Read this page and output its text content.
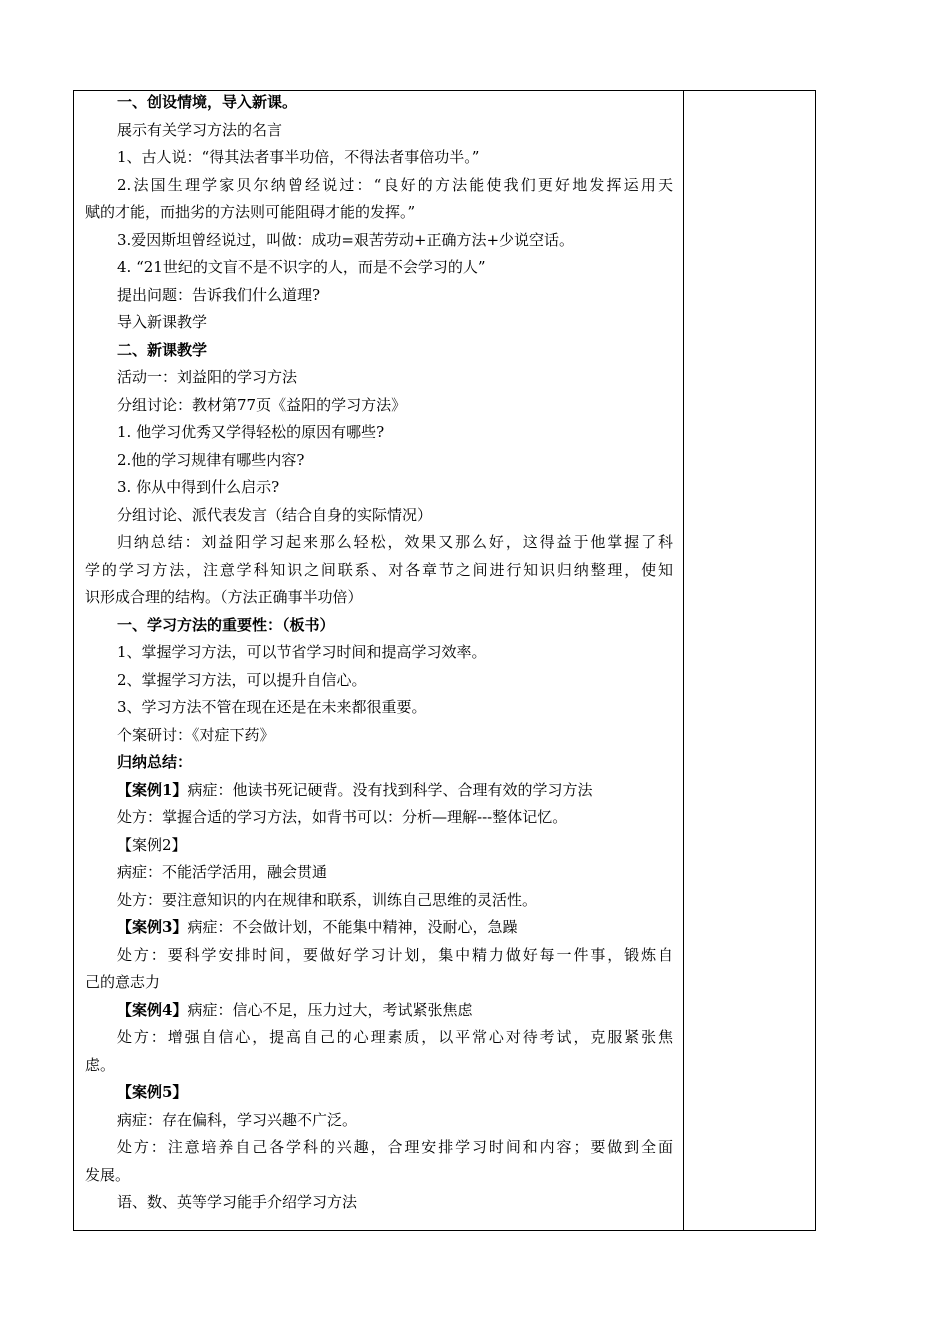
一、创设情境，导入新课。
展示有关学习方法的名言
1、古人说：“得其法者事半功倍，不得法者事倍功半。”
2.法国生理学家贝尔纳曾经说过：“良好的方法能使我们更好地发挥运用天
赋的才能，而拙劣的方法则可能阻碍才能的发挥。”
3.爱因斯坦曾经说过，叫做：成功=艰苦劳动+正确方法+少说空话。
4. “21世纪的文盲不是不识字的人，而是不会学习的人”
提出问题：告诉我们什么道理?
导入新课教学
二、新课教学
活动一：刘益阳的学习方法
分组讨论：教材第77页《益阳的学习方法》
1. 他学习优秀又学得轻松的原因有哪些?
2.他的学习规律有哪些内容?
3. 你从中得到什么启示?
分组讨论、派代表发言（结合自身的实际情况）
归纳总结：刘益阳学习起来那么轻松，效果又那么好，这得益于他掌握了科
学的学习方法，注意学科知识之间联系、对各章节之间进行知识归纳整理，使知
识形成合理的结构。（方法正确事半功倍）
一、学习方法的重要性：（板书）
1、掌握学习方法，可以节省学习时间和提高学习效率。
2、掌握学习方法，可以提升自信心。
3、学习方法不管在现在还是在未来都很重要。
个案研讨：《对症下药》
归纳总结：
【案例1】病症：他读书死记硬背。没有找到科学、合理有效的学习方法
处方：掌握合适的学习方法，如背书可以：分析—理解---整体记忆。
【案例2】
病症：不能活学活用，融会贯通
处方：要注意知识的内在规律和联系，训练自己思维的灵活性。
【案例3】病症：不会做计划，不能集中精神，没耐心，急躁
处方：要科学安排时间，要做好学习计划，集中精力做好每一件事，锻炼自
己的意志力
【案例4】病症：信心不足，压力过大，考试紧张焦虑
处方：增强自信心，提高自己的心理素质，以平常心对待考试，克服紧张焦
虑。
【案例5】
病症：存在偏科，学习兴趣不广泛。
处方：注意培养自己各学科的兴趣，合理安排学习时间和内容；要做到全面
发展。
语、数、英等学习能手介绍学习方法
